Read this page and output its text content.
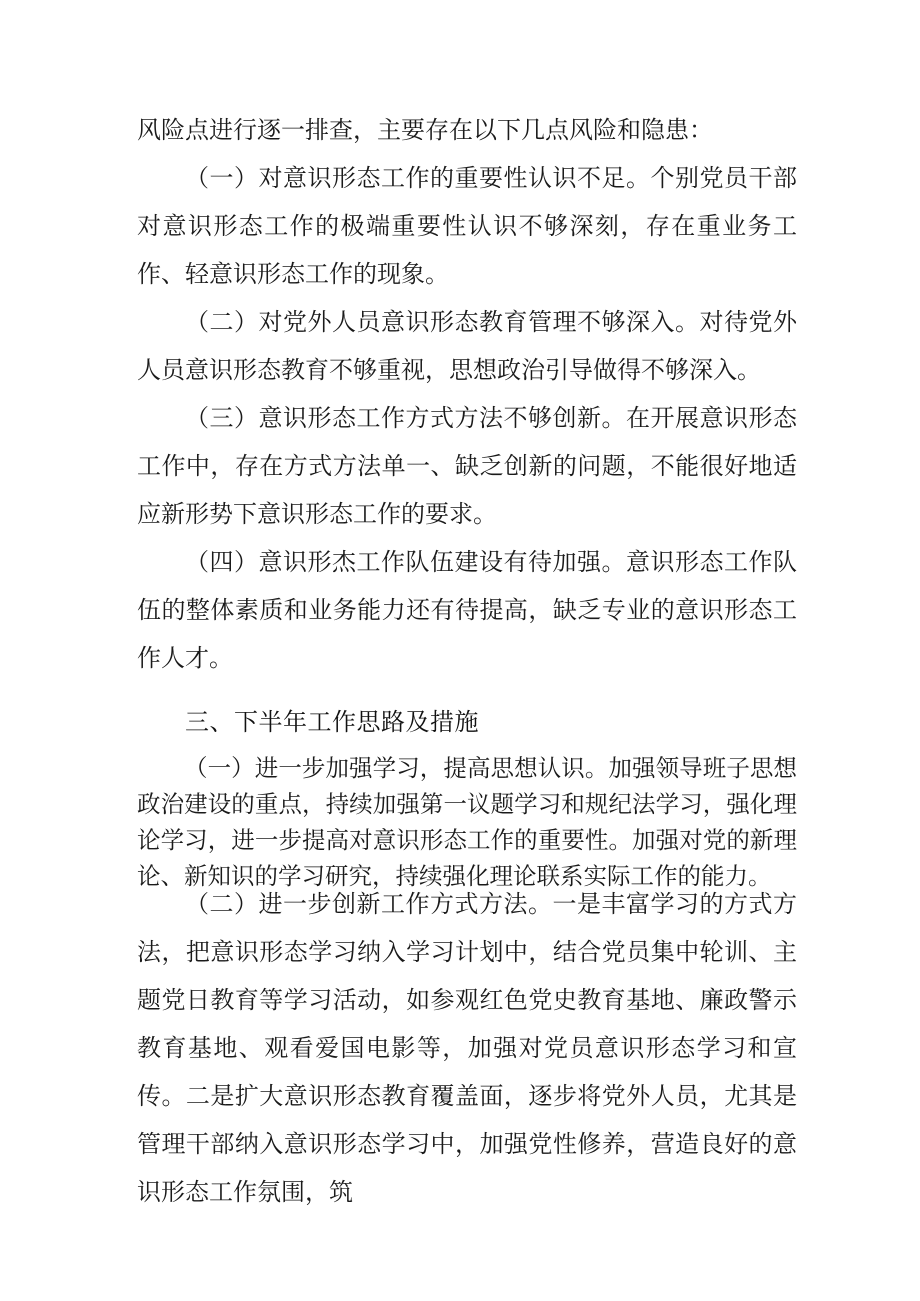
风险点进行逐一排查，主要存在以下几点风险和隐患：

（一）对意识形态工作的重要性认识不足。个别党员干部对意识形态工作的极端重要性认识不够深刻，存在重业务工作、轻意识形态工作的现象。

（二）对党外人员意识形态教育管理不够深入。对待党外人员意识形态教育不够重视，思想政治引导做得不够深入。

（三）意识形态工作方式方法不够创新。在开展意识形态工作中，存在方式方法单一、缺乏创新的问题，不能很好地适应新形势下意识形态工作的要求。

（四）意识形杰工作队伍建设有待加强。意识形态工作队伍的整体素质和业务能力还有待提高，缺乏专业的意识形态工作人才。

三、下半年工作思路及措施

（一）进一步加强学习，提高思想认识。加强领导班子思想政治建设的重点，持续加强第一议题学习和规纪法学习，强化理论学习，进一步提高对意识形态工作的重要性。加强对党的新理论、新知识的学习研究，持续强化理论联系实际工作的能力。

（二）进一步创新工作方式方法。一是丰富学习的方式方法，把意识形态学习纳入学习计划中，结合党员集中轮训、主题党日教育等学习活动，如参观红色党史教育基地、廉政警示教育基地、观看爱国电影等，加强对党员意识形态学习和宣传。二是扩大意识形态教育覆盖面，逐步将党外人员，尤其是管理干部纳入意识形态学习中，加强党性修养，营造良好的意识形态工作氛围，筑
